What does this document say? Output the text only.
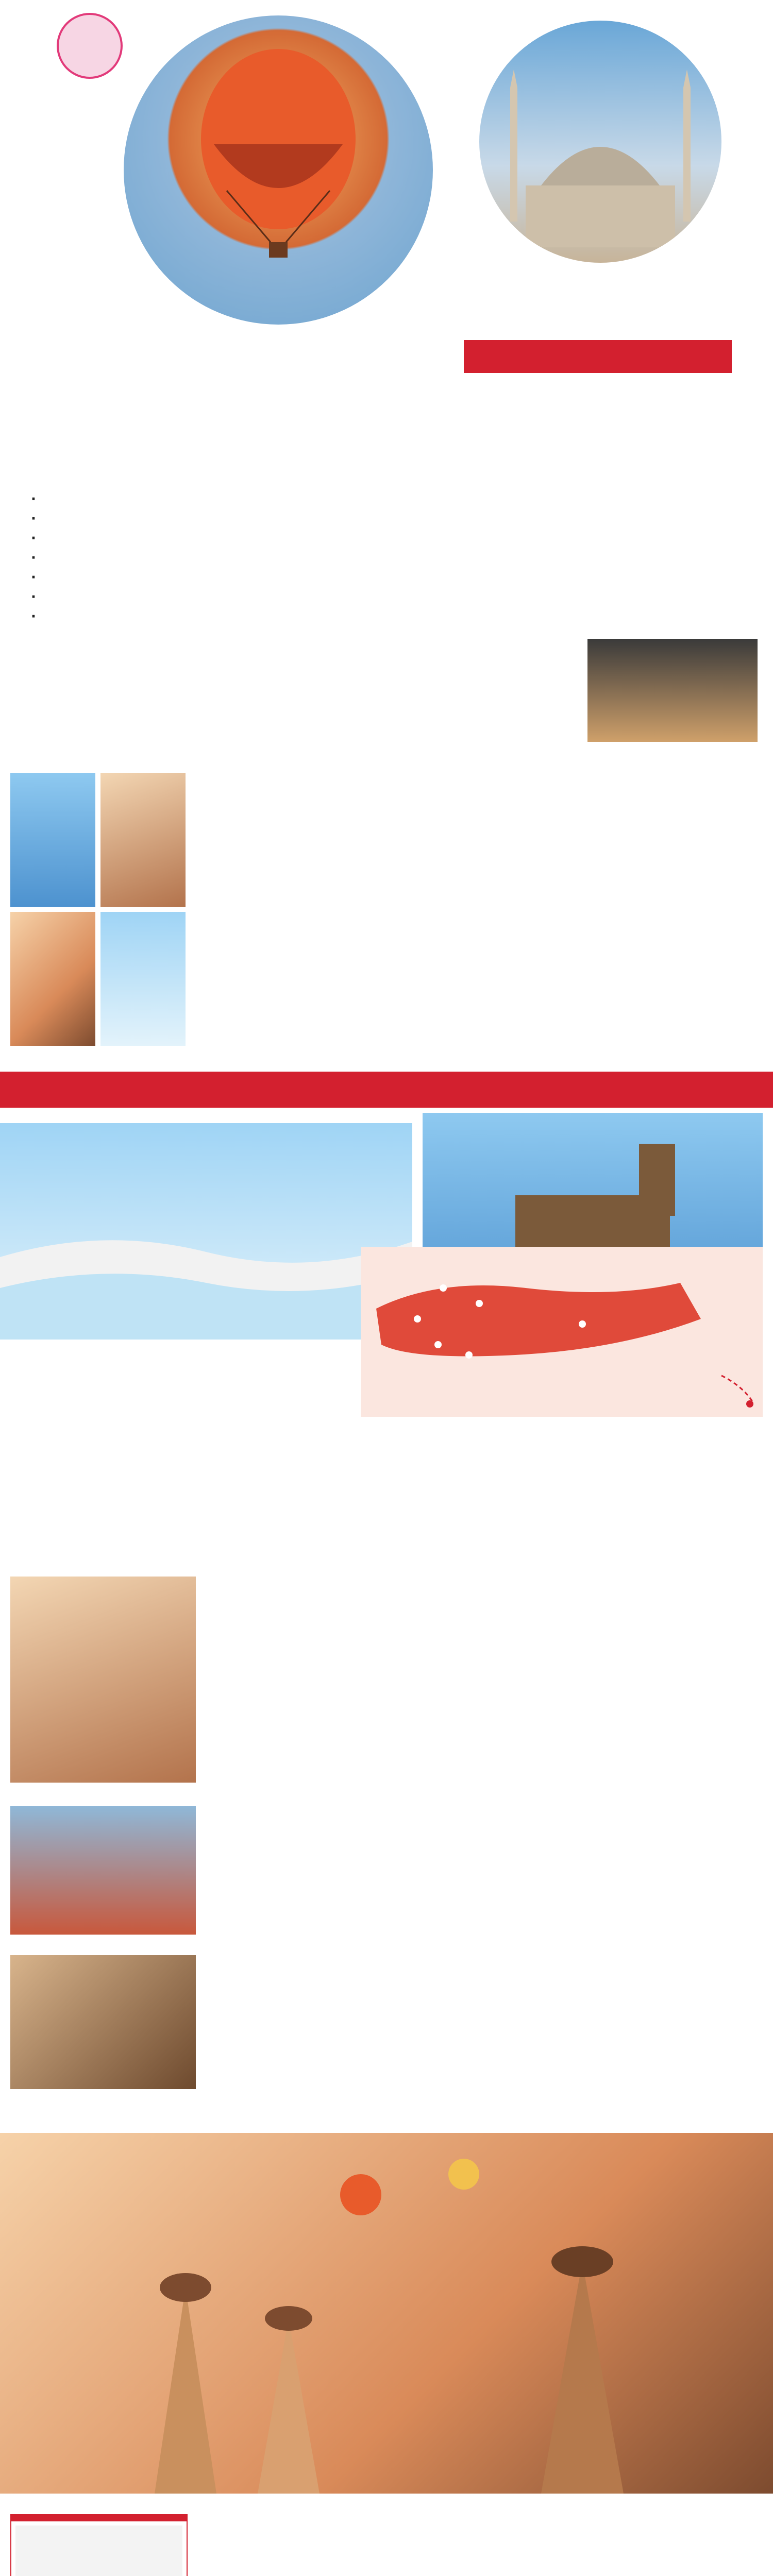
·
·
·
·
·
·
·
